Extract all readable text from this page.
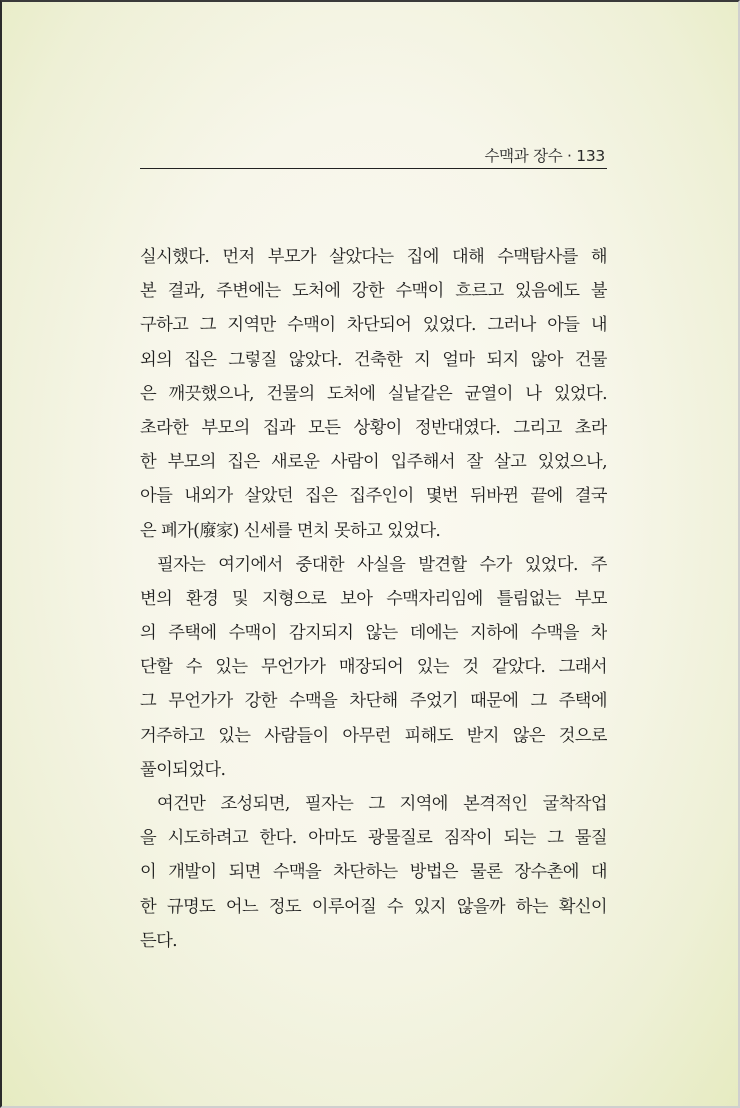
수맥과 장수 · 133
실시했다. 먼저 부모가 살았다는 집에 대해 수맥탐사를 해
본 결과, 주변에는 도처에 강한 수맥이 흐르고 있음에도 불
구하고 그 지역만 수맥이 차단되어 있었다. 그러나 아들 내
외의 집은 그렇질 않았다. 건축한 지 얼마 되지 않아 건물
은 깨끗했으나, 건물의 도처에 실낱같은 균열이 나 있었다.
초라한 부모의 집과 모든 상황이 정반대였다. 그리고 초라
한 부모의 집은 새로운 사람이 입주해서 잘 살고 있었으나,
아들 내외가 살았던 집은 집주인이 몇번 뒤바뀐 끝에 결국
은 폐가(廢家) 신세를 면치 못하고 있었다.
필자는 여기에서 중대한 사실을 발견할 수가 있었다. 주
변의 환경 및 지형으로 보아 수맥자리임에 틀림없는 부모
의 주택에 수맥이 감지되지 않는 데에는 지하에 수맥을 차
단할 수 있는 무언가가 매장되어 있는 것 같았다. 그래서
그 무언가가 강한 수맥을 차단해 주었기 때문에 그 주택에
거주하고 있는 사람들이 아무런 피해도 받지 않은 것으로
풀이되었다.
여건만 조성되면, 필자는 그 지역에 본격적인 굴착작업
을 시도하려고 한다. 아마도 광물질로 짐작이 되는 그 물질
이 개발이 되면 수맥을 차단하는 방법은 물론 장수촌에 대
한 규명도 어느 정도 이루어질 수 있지 않을까 하는 확신이
든다.
